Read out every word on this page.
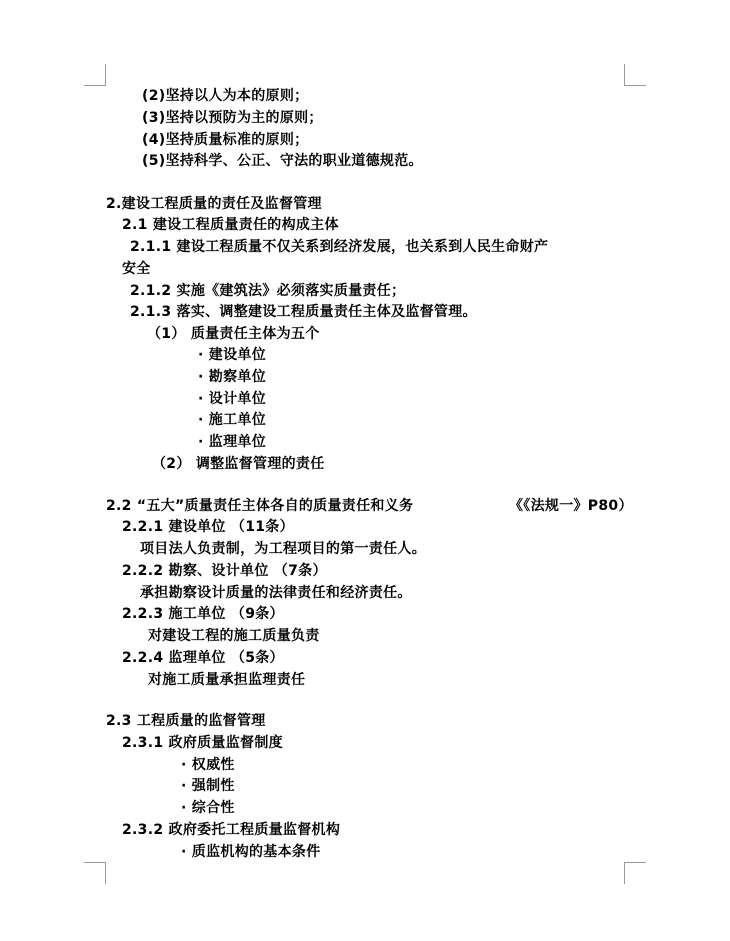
(2)坚持以人为本的原则；
(3)坚持以预防为主的原则；
(4)坚持质量标准的原则；
(5)坚持科学、公正、守法的职业道德规范。
2.建设工程质量的责任及监督管理
2.1 建设工程质量责任的构成主体
2.1.1 建设工程质量不仅关系到经济发展，也关系到人民生命财产
安全
2.1.2 实施《建筑法》必须落实质量责任；
2.1.3 落实、调整建设工程质量责任主体及监督管理。
（1） 质量责任主体为五个
· 建设单位
· 勘察单位
· 设计单位
· 施工单位
· 监理单位
（2） 调整监督管理的责任
2.2 “五大”质量责任主体各自的质量责任和义务	《《法规一》P80）
2.2.1 建设单位 （11条）
项目法人负责制，为工程项目的第一责任人。
2.2.2 勘察、设计单位 （7条）
承担勘察设计质量的法律责任和经济责任。
2.2.3 施工单位 （9条）
对建设工程的施工质量负责
2.2.4 监理单位 （5条）
对施工质量承担监理责任
2.3 工程质量的监督管理
2.3.1 政府质量监督制度
· 权威性
· 强制性
· 综合性
2.3.2 政府委托工程质量监督机构
· 质监机构的基本条件
